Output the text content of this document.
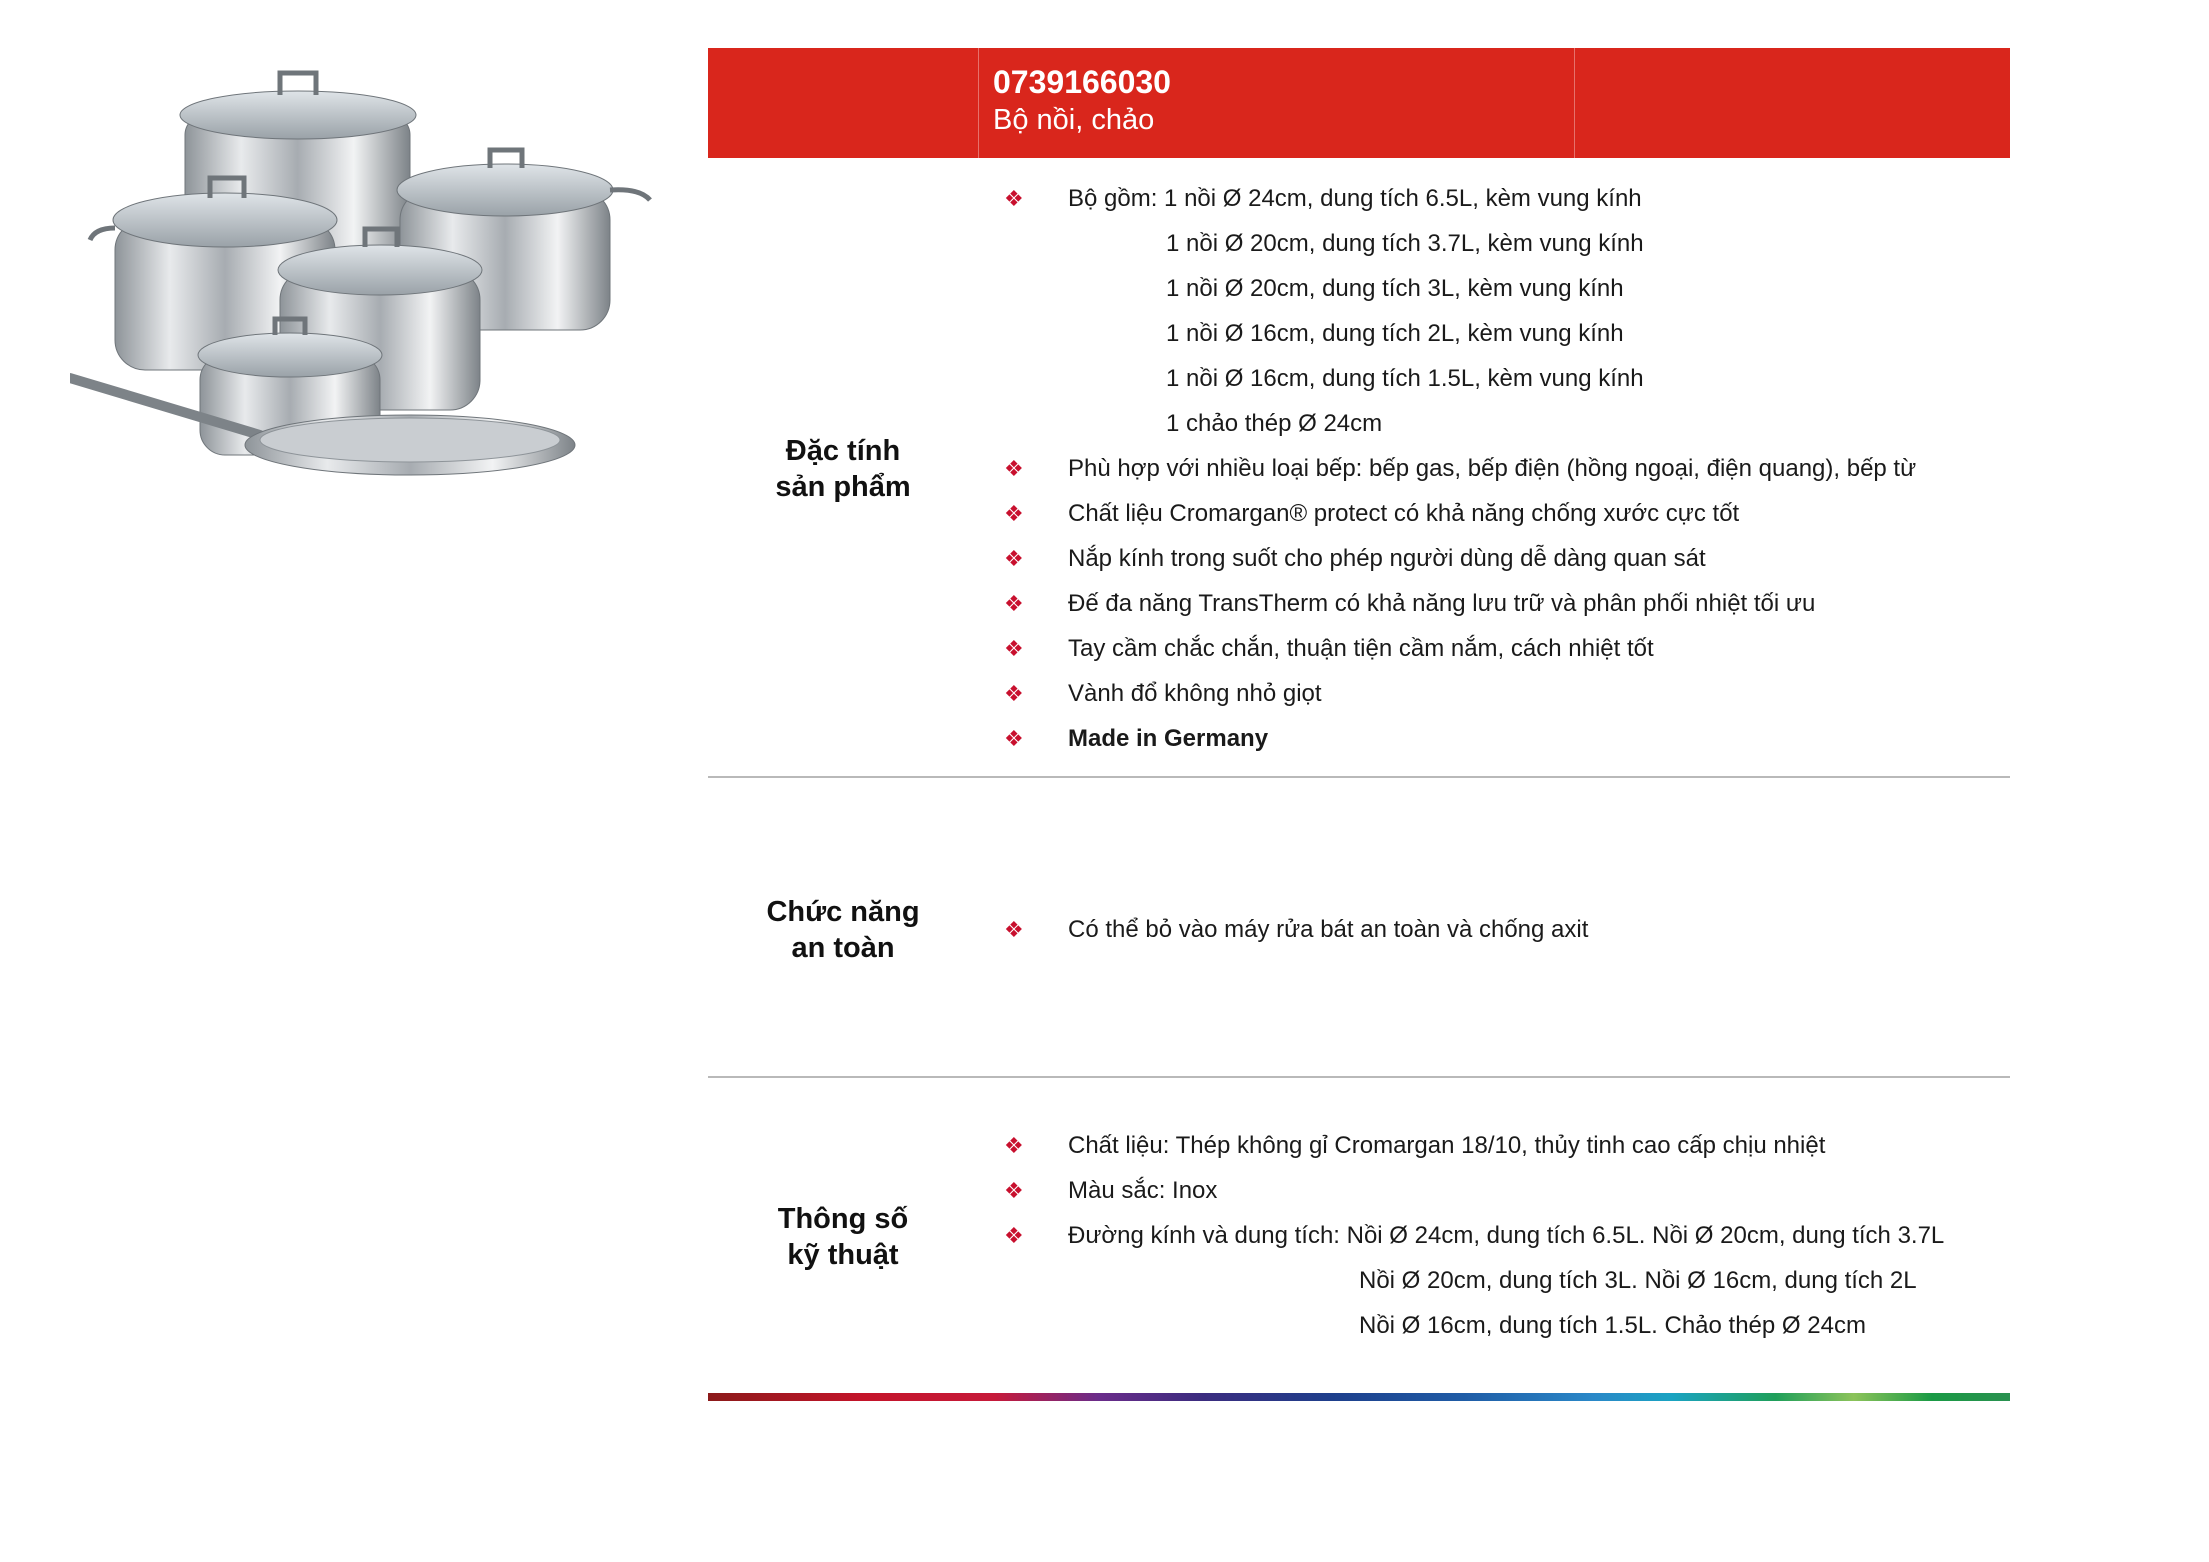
0739166030
Bộ nồi, chảo
Đặc tính
sản phẩm
❖ Bộ gồm: 1 nồi Ø 24cm, dung tích 6.5L, kèm vung kính
1 nồi Ø 20cm, dung tích 3.7L, kèm vung kính
1 nồi Ø 20cm, dung tích 3L, kèm vung kính
1 nồi Ø 16cm, dung tích 2L, kèm vung kính
1 nồi Ø 16cm, dung tích 1.5L, kèm vung kính
1 chảo thép Ø 24cm
❖ Phù hợp với nhiều loại bếp: bếp gas, bếp điện (hồng ngoại, điện quang), bếp từ
❖ Chất liệu Cromargan® protect có khả năng chống xước cực tốt
❖ Nắp kính trong suốt cho phép người dùng dễ dàng quan sát
❖ Đế đa năng TransTherm có khả năng lưu trữ và phân phối nhiệt tối ưu
❖ Tay cầm chắc chắn, thuận tiện cầm nắm, cách nhiệt tốt
❖ Vành đổ không nhỏ giọt
❖ Made in Germany
Chức năng
an toàn
❖ Có thể bỏ vào máy rửa bát an toàn và chống axit
Thông số
kỹ thuật
❖ Chất liệu: Thép không gỉ Cromargan 18/10, thủy tinh cao cấp chịu nhiệt
❖ Màu sắc: Inox
❖ Đường kính và dung tích: Nồi Ø 24cm, dung tích 6.5L. Nồi Ø 20cm, dung tích 3.7L
Nồi Ø 20cm, dung tích 3L. Nồi Ø 16cm, dung tích 2L
Nồi Ø 16cm, dung tích 1.5L. Chảo thép Ø 24cm
